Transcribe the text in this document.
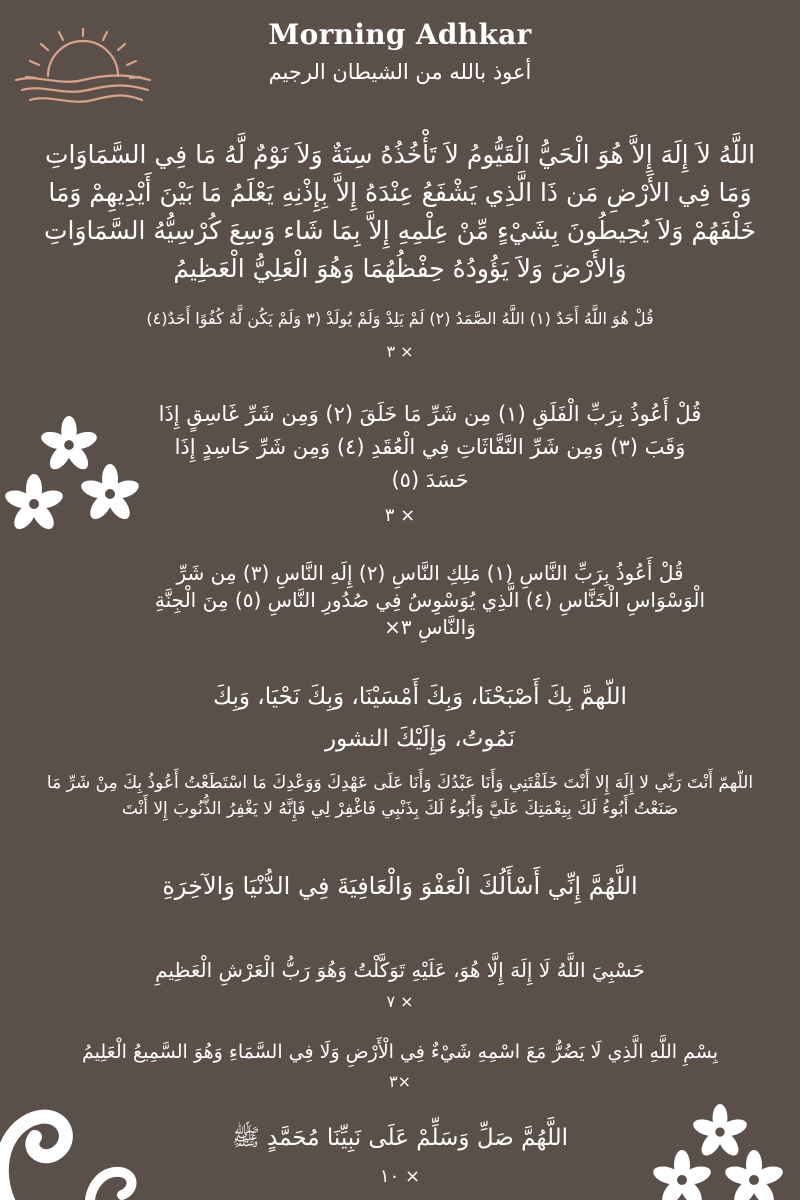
Morning Adhkar
أعوذ بالله من الشيطان الرجيم
اللَّهُ لاَ إِلَهَ إِلاَّ هُوَ الْحَيُّ الْقَيُّومُ لاَ تَأْخُذُهُ سِنَةٌ وَلاَ نَوْمٌ لَّهُ مَا فِي السَّمَاوَاتِ وَمَا فِي الأَرْضِ مَن ذَا الَّذِي يَشْفَعُ عِنْدَهُ إِلاَّ بِإِذْنِهِ يَعْلَمُ مَا بَيْنَ أَيْدِيهِمْ وَمَا خَلْفَهُمْ وَلاَ يُحِيطُونَ بِشَيْءٍ مِّنْ عِلْمِهِ إِلاَّ بِمَا شَاء وَسِعَ كُرْسِيُّهُ السَّمَاوَاتِ وَالأَرْضَ وَلاَ يَؤُودُهُ حِفْظُهُمَا وَهُوَ الْعَلِيُّ الْعَظِيمُ
قُلْ هُوَ اللَّهُ أَحَدٌ (١) اللَّهُ الصَّمَدُ (٢) لَمْ يَلِدْ وَلَمْ يُولَدْ (٣ وَلَمْ يَكُن لَّهُ كُفُوًا أَحَدٌ(٤)
٣ ×
قُلْ أَعُوذُ بِرَبِّ الْفَلَقِ (١) مِن شَرِّ مَا خَلَقَ (٢) وَمِن شَرِّ غَاسِقٍ إِذَا وَقَبَ (٣) وَمِن شَرِّ النَّفَّاثَاتِ فِي الْعُقَدِ (٤) وَمِن شَرِّ حَاسِدٍ إِذَا حَسَدَ (٥)
٣ ×
قُلْ أَعُوذُ بِرَبِّ النَّاسِ (١) مَلِكِ النَّاسِ (٢) إِلَهِ النَّاسِ (٣) مِن شَرِّ الْوَسْوَاسِ الْخَنَّاسِ (٤) الَّذِي يُوَسْوِسُ فِي صُدُورِ النَّاسِ (٥) مِنَ الْجِنَّةِ وَالنَّاسِ ٣×
اللّهمَّ بِكَ أَصْبَحْنَا، وَبِكَ أَمْسَيْنَا، وَبِكَ نَحْيَا، وَبِكَ نَمُوتُ، وَإِلَيْكَ النشور
اللّهمّ أَنْتَ رَبِّي لا إِلَهَ إِلا أَنْتَ خَلَقْتَنِي وَأَنَا عَبْدُكَ وَأَنَا عَلَى عَهْدِكَ وَوَعْدِكَ مَا اسْتَطَعْتُ أَعُوذُ بِكَ مِنْ شَرِّ مَا صَنَعْتُ أَبُوءُ لَكَ بِنِعْمَتِكَ عَلَيَّ وَأَبُوءُ لَكَ بِذَنْبِي فَاغْفِرْ لِي فَإِنَّهُ لا يَغْفِرُ الذُّنُوبَ إِلا أَنْتَ
اللَّهُمَّ إِنِّي أَسْأَلُكَ الْعَفْوَ وَالْعَافِيَةَ فِي الدُّنْيَا وَالآخِرَةِ
حَسْبِيَ اللَّهُ لَا إِلَهَ إِلَّا هُوَ، عَلَيْهِ تَوَكَّلْتُ وَهُوَ رَبُّ الْعَرْشِ الْعَظِيمِ
٧ ×
بِسْمِ اللَّهِ الَّذِي لَا يَضُرُّ مَعَ اسْمِهِ شَيْءٌ فِي الْأَرْضِ وَلَا فِي السَّمَاءِ وَهُوَ السَّمِيعُ الْعَلِيمُ
٣×
اللَّهُمَّ صَلِّ وَسَلِّمْ عَلَى نَبِيِّنَا مُحَمَّدٍ ﷺ
١٠ ×
